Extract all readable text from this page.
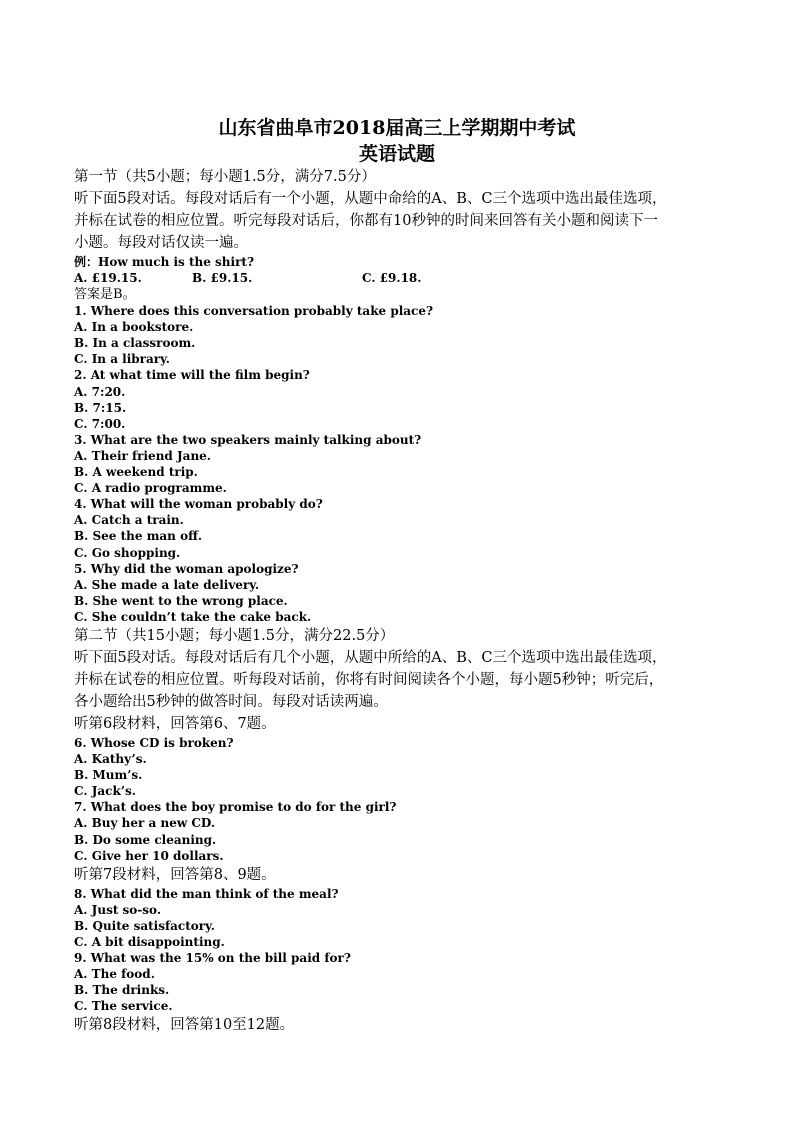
山东省曲阜市2018届高三上学期期中考试
英语试题
第一节（共5小题；每小题1.5分，满分7.5分）
听下面5段对话。每段对话后有一个小题，从题中命给的A、B、C三个选项中选出最佳选项，
并标在试卷的相应位置。听完每段对话后，你都有10秒钟的时间来回答有关小题和阅读下一
小题。每段对话仅读一遍。
例：How much is the shirt?
A. £19.15.	B. £9.15.	C. £9.18.
答案是B。
1. Where does this conversation probably take place?
A. In a bookstore.
B. In a classroom.
C. In a library.
2. At what time will the film begin?
A. 7:20.
B. 7:15.
C. 7:00.
3. What are the two speakers mainly talking about?
A. Their friend Jane.
B. A weekend trip.
C. A radio programme.
4. What will the woman probably do?
A. Catch a train.
B. See the man off.
C. Go shopping.
5. Why did the woman apologize?
A. She made a late delivery.
B. She went to the wrong place.
C. She couldn’t take the cake back.
第二节（共15小题；每小题1.5分，满分22.5分）
听下面5段对话。每段对话后有几个小题，从题中所给的A、B、C三个选项中选出最佳选项，
并标在试卷的相应位置。听每段对话前，你将有时间阅读各个小题，每小题5秒钟；听完后，
各小题给出5秒钟的做答时间。每段对话读两遍。
听第6段材料，回答第6、7题。
6. Whose CD is broken?
A. Kathy’s.
B. Mum’s.
C. Jack’s.
7. What does the boy promise to do for the girl?
A. Buy her a new CD.
B. Do some cleaning.
C. Give her 10 dollars.
听第7段材料，回答第8、9题。
8. What did the man think of the meal?
A. Just so-so.
B. Quite satisfactory.
C. A bit disappointing.
9. What was the 15% on the bill paid for?
A. The food.
B. The drinks.
C. The service.
听第8段材料，回答第10至12题。
